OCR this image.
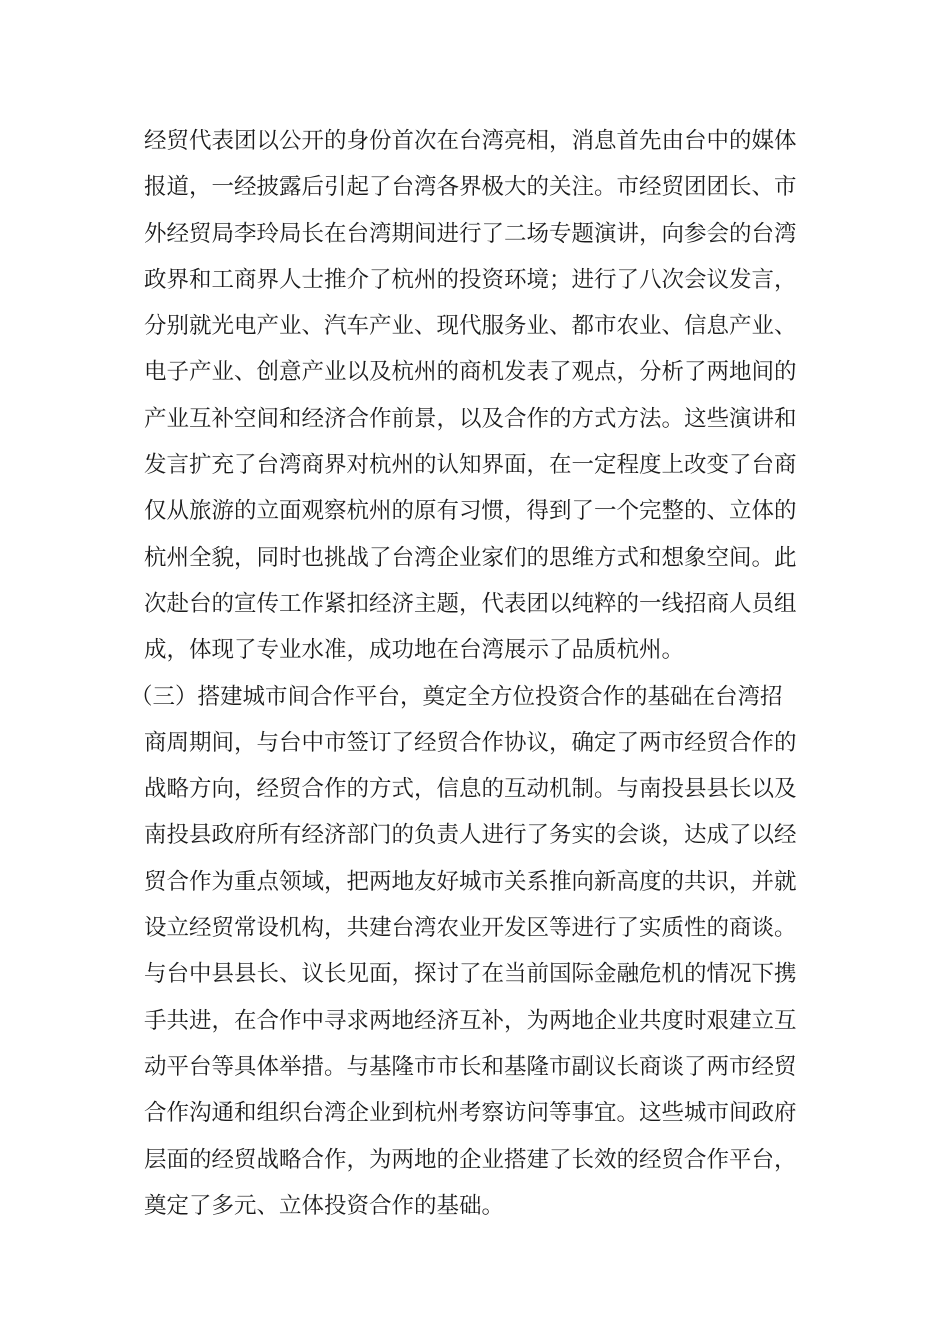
经贸代表团以公开的身份首次在台湾亮相，消息首先由台中的媒体
报道，一经披露后引起了台湾各界极大的关注。市经贸团团长、市
外经贸局李玲局长在台湾期间进行了二场专题演讲，向参会的台湾
政界和工商界人士推介了杭州的投资环境；进行了八次会议发言，
分别就光电产业、汽车产业、现代服务业、都市农业、信息产业、
电子产业、创意产业以及杭州的商机发表了观点，分析了两地间的
产业互补空间和经济合作前景，以及合作的方式方法。这些演讲和
发言扩充了台湾商界对杭州的认知界面，在一定程度上改变了台商
仅从旅游的立面观察杭州的原有习惯，得到了一个完整的、立体的
杭州全貌，同时也挑战了台湾企业家们的思维方式和想象空间。此
次赴台的宣传工作紧扣经济主题，代表团以纯粹的一线招商人员组
成，体现了专业水准，成功地在台湾展示了品质杭州。
（三）搭建城市间合作平台，奠定全方位投资合作的基础在台湾招
商周期间，与台中市签订了经贸合作协议，确定了两市经贸合作的
战略方向，经贸合作的方式，信息的互动机制。与南投县县长以及
南投县政府所有经济部门的负责人进行了务实的会谈，达成了以经
贸合作为重点领域，把两地友好城市关系推向新高度的共识，并就
设立经贸常设机构，共建台湾农业开发区等进行了实质性的商谈。
与台中县县长、议长见面，探讨了在当前国际金融危机的情况下携
手共进，在合作中寻求两地经济互补，为两地企业共度时艰建立互
动平台等具体举措。与基隆市市长和基隆市副议长商谈了两市经贸
合作沟通和组织台湾企业到杭州考察访问等事宜。这些城市间政府
层面的经贸战略合作，为两地的企业搭建了长效的经贸合作平台，
奠定了多元、立体投资合作的基础。
